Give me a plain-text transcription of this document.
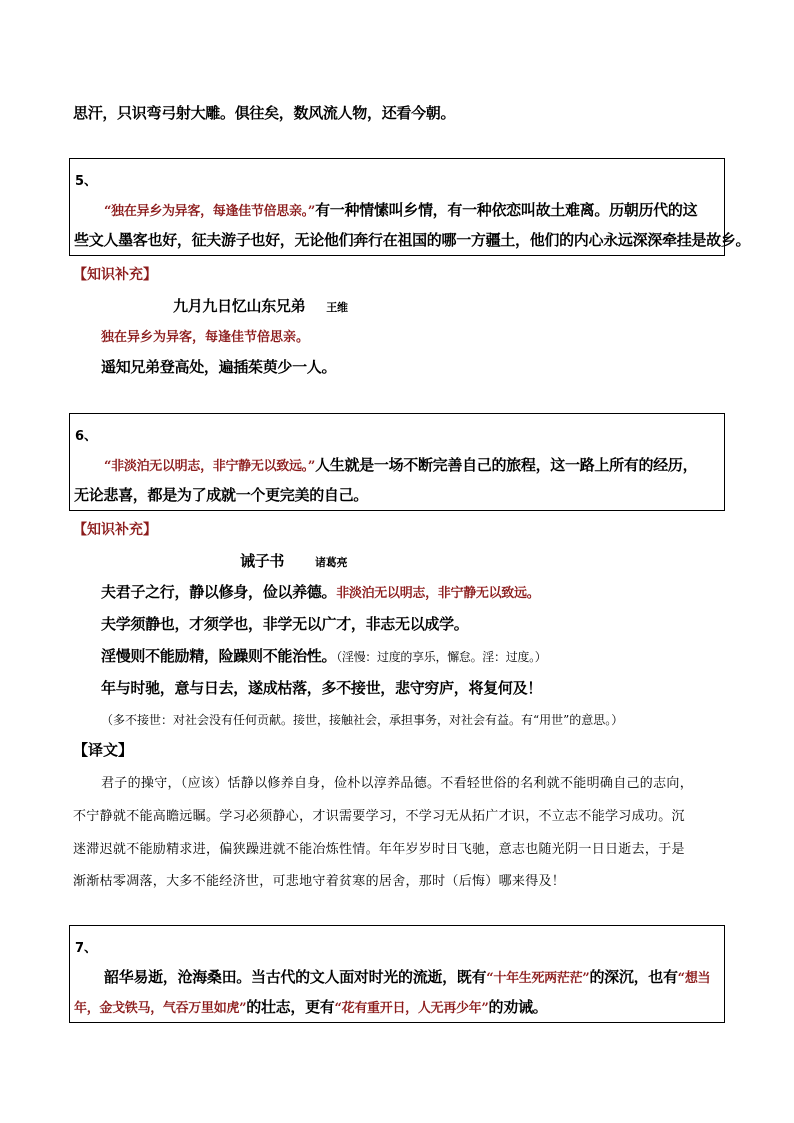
思汗，只识弯弓射大雕。俱往矣，数风流人物，还看今朝。
5、
“独在异乡为异客，每逢佳节倍思亲。”有一种情愫叫乡情，有一种依恋叫故土难离。历朝历代的这
些文人墨客也好，征夫游子也好，无论他们奔行在祖国的哪一方疆土，他们的内心永远深深牵挂是故乡。
【知识补充】
九月九日忆山东兄弟 王维
独在异乡为异客，每逢佳节倍思亲。
遥知兄弟登高处，遍插茱萸少一人。
6、
“非淡泊无以明志，非宁静无以致远。”人生就是一场不断完善自己的旅程，这一路上所有的经历，
无论悲喜，都是为了成就一个更完美的自己。
【知识补充】
诫子书	诸葛亮
夫君子之行，静以修身，俭以养德。非淡泊无以明志，非宁静无以致远。
夫学须静也，才须学也，非学无以广才，非志无以成学。
淫慢则不能励精，险躁则不能治性。（淫慢：过度的享乐，懈怠。淫：过度。）
年与时驰，意与日去，遂成枯落，多不接世，悲守穷庐，将复何及！
（多不接世：对社会没有任何贡献。接世，接触社会，承担事务，对社会有益。有“用世”的意思。）
【译文】
君子的操守，（应该）恬静以修养自身，俭朴以淳养品德。不看轻世俗的名利就不能明确自己的志向，
不宁静就不能高瞻远瞩。学习必须静心，才识需要学习，不学习无从拓广才识，不立志不能学习成功。沉
迷滞迟就不能励精求进，偏狭躁进就不能冶炼性情。年年岁岁时日飞驰，意志也随光阴一日日逝去，于是
渐渐枯零凋落，大多不能经济世，可悲地守着贫寒的居舍，那时（后悔）哪来得及！
7、
韶华易逝，沧海桑田。当古代的文人面对时光的流逝，既有“十年生死两茫茫”的深沉，也有“想当
年，金戈铁马，气吞万里如虎”的壮志，更有“花有重开日，人无再少年”的劝诫。
